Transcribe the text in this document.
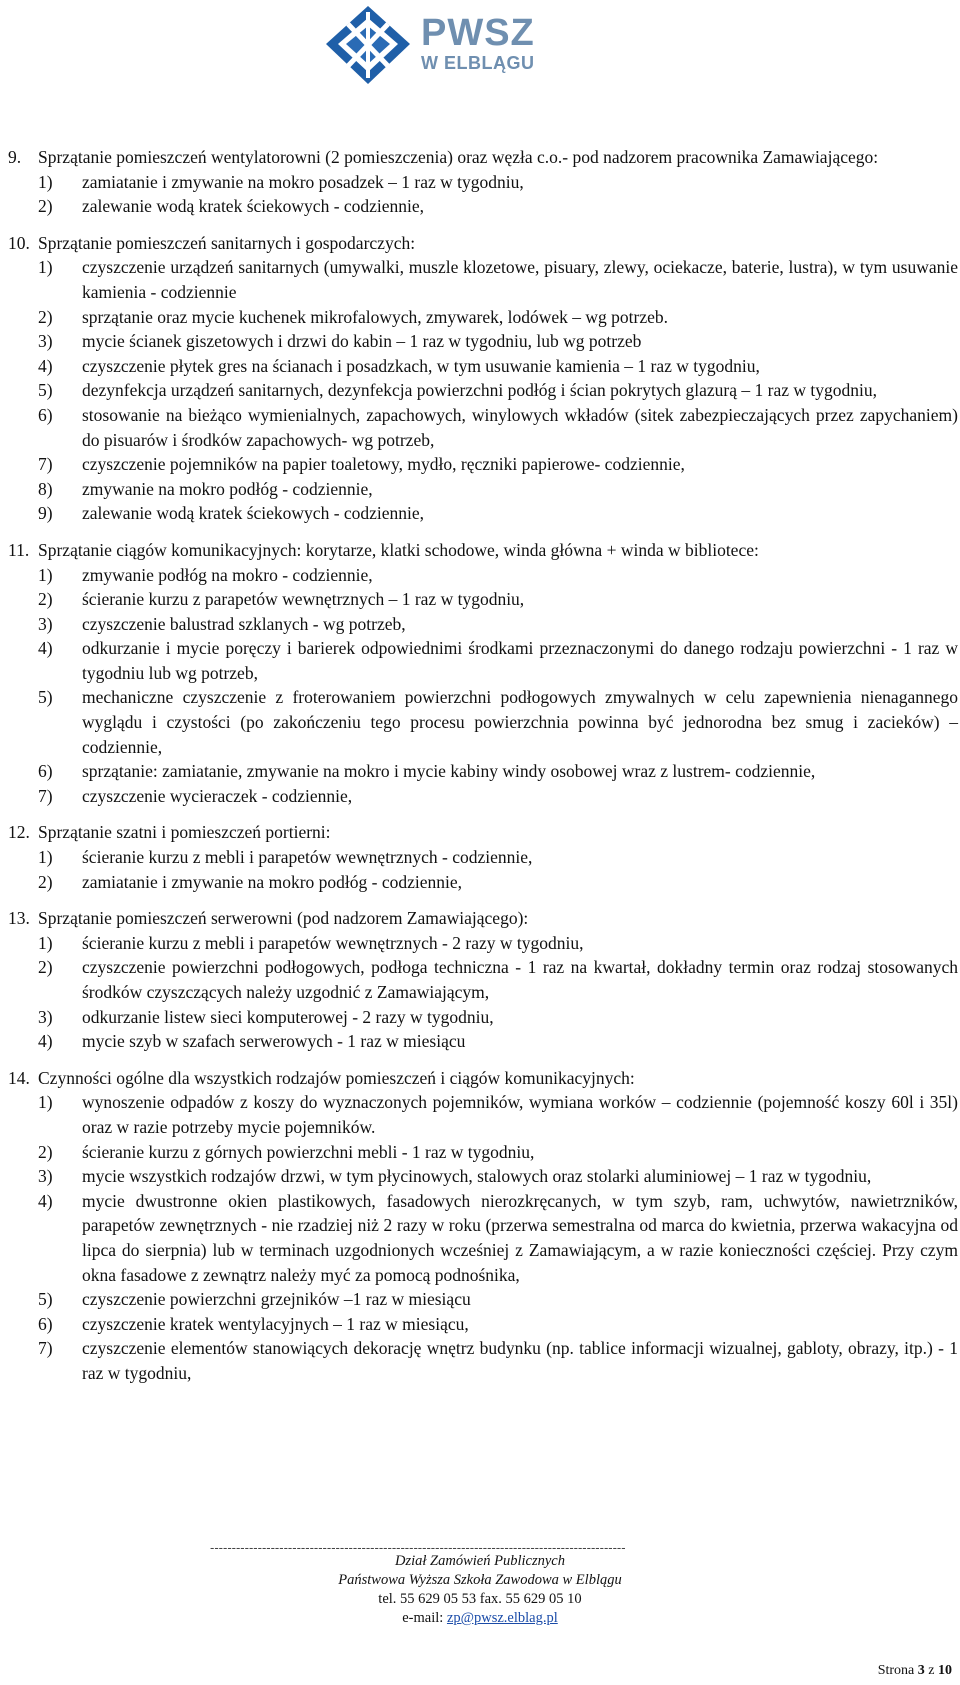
PWSZ
W ELBLĄGU
9. Sprzątanie pomieszczeń wentylatorowni (2 pomieszczenia) oraz węzła c.o.- pod nadzorem pracownika Zamawiającego:
1)	zamiatanie i zmywanie na mokro posadzek – 1 raz w tygodniu,
2)	zalewanie wodą kratek ściekowych - codziennie,
10. Sprzątanie pomieszczeń sanitarnych i gospodarczych:
1)	czyszczenie urządzeń sanitarnych (umywalki, muszle klozetowe, pisuary, zlewy, ociekacze, baterie, lustra), w tym usuwanie kamienia - codziennie
2)	sprzątanie oraz mycie kuchenek mikrofalowych, zmywarek, lodówek – wg potrzeb.
3)	mycie ścianek giszetowych i drzwi do kabin – 1 raz w tygodniu, lub wg potrzeb
4)	czyszczenie płytek gres na ścianach i posadzkach, w tym usuwanie kamienia – 1 raz w tygodniu,
5)	dezynfekcja urządzeń sanitarnych, dezynfekcja powierzchni podłóg i ścian pokrytych glazurą – 1 raz w tygodniu,
6)	stosowanie na bieżąco wymienialnych, zapachowych, winylowych wkładów (sitek zabezpieczających przez zapychaniem) do pisuarów i środków zapachowych- wg potrzeb,
7)	czyszczenie pojemników na papier toaletowy, mydło, ręczniki papierowe- codziennie,
8)	zmywanie na mokro podłóg - codziennie,
9)	zalewanie wodą kratek ściekowych - codziennie,
11. Sprzątanie ciągów komunikacyjnych: korytarze, klatki schodowe, winda główna + winda w bibliotece:
1)	zmywanie podłóg na mokro - codziennie,
2)	ścieranie kurzu z parapetów wewnętrznych – 1 raz w tygodniu,
3)	czyszczenie balustrad szklanych - wg potrzeb,
4)	odkurzanie i mycie poręczy i barierek odpowiednimi środkami przeznaczonymi do danego rodzaju powierzchni - 1 raz w tygodniu lub wg potrzeb,
5)	mechaniczne czyszczenie z froterowaniem powierzchni podłogowych zmywalnych w celu zapewnienia nienagannego wyglądu i czystości (po zakończeniu tego procesu powierzchnia powinna być jednorodna bez smug i zacieków) – codziennie,
6)	sprzątanie: zamiatanie, zmywanie na mokro i mycie kabiny windy osobowej wraz z lustrem- codziennie,
7)	czyszczenie wycieraczek - codziennie,
12. Sprzątanie szatni i pomieszczeń portierni:
1)	ścieranie kurzu z mebli i parapetów wewnętrznych - codziennie,
2)	zamiatanie i zmywanie na mokro podłóg - codziennie,
13. Sprzątanie pomieszczeń serwerowni (pod nadzorem Zamawiającego):
1)	ścieranie kurzu z mebli i parapetów wewnętrznych - 2 razy w tygodniu,
2)	czyszczenie powierzchni podłogowych, podłoga techniczna - 1 raz na kwartał, dokładny termin oraz rodzaj stosowanych środków czyszczących należy uzgodnić z Zamawiającym,
3)	odkurzanie listew sieci komputerowej - 2 razy w tygodniu,
4)	mycie szyb w szafach serwerowych - 1 raz w miesiącu
14. Czynności ogólne dla wszystkich rodzajów pomieszczeń i ciągów komunikacyjnych:
1)	wynoszenie odpadów z koszy do wyznaczonych pojemników, wymiana worków – codziennie (pojemność koszy 60l i 35l) oraz w razie potrzeby mycie pojemników.
2)	ścieranie kurzu z górnych powierzchni mebli - 1 raz w tygodniu,
3)	mycie wszystkich rodzajów drzwi, w tym płycinowych, stalowych oraz stolarki aluminiowej – 1 raz w tygodniu,
4)	mycie dwustronne okien plastikowych, fasadowych nierozkręcanych, w tym szyb, ram, uchwytów, nawietrzników, parapetów zewnętrznych - nie rzadziej niż 2 razy w roku (przerwa semestralna od marca do kwietnia, przerwa wakacyjna od lipca do sierpnia) lub w terminach uzgodnionych wcześniej z Zamawiającym, a w razie konieczności częściej. Przy czym okna fasadowe z zewnątrz należy myć za pomocą podnośnika,
5)	czyszczenie powierzchni grzejników –1 raz w miesiącu
6)	czyszczenie kratek wentylacyjnych – 1 raz w miesiącu,
7)	czyszczenie elementów stanowiących dekorację wnętrz budynku (np. tablice informacji wizualnej, gabloty, obrazy, itp.) - 1 raz w tygodniu,
------------------------------------------------------------------------------------------------
Dział Zamówień Publicznych
Państwowa Wyższa Szkoła Zawodowa w Elblągu
tel. 55 629 05 53 fax. 55 629 05 10
e-mail: zp@pwsz.elblag.pl
Strona 3 z 10
